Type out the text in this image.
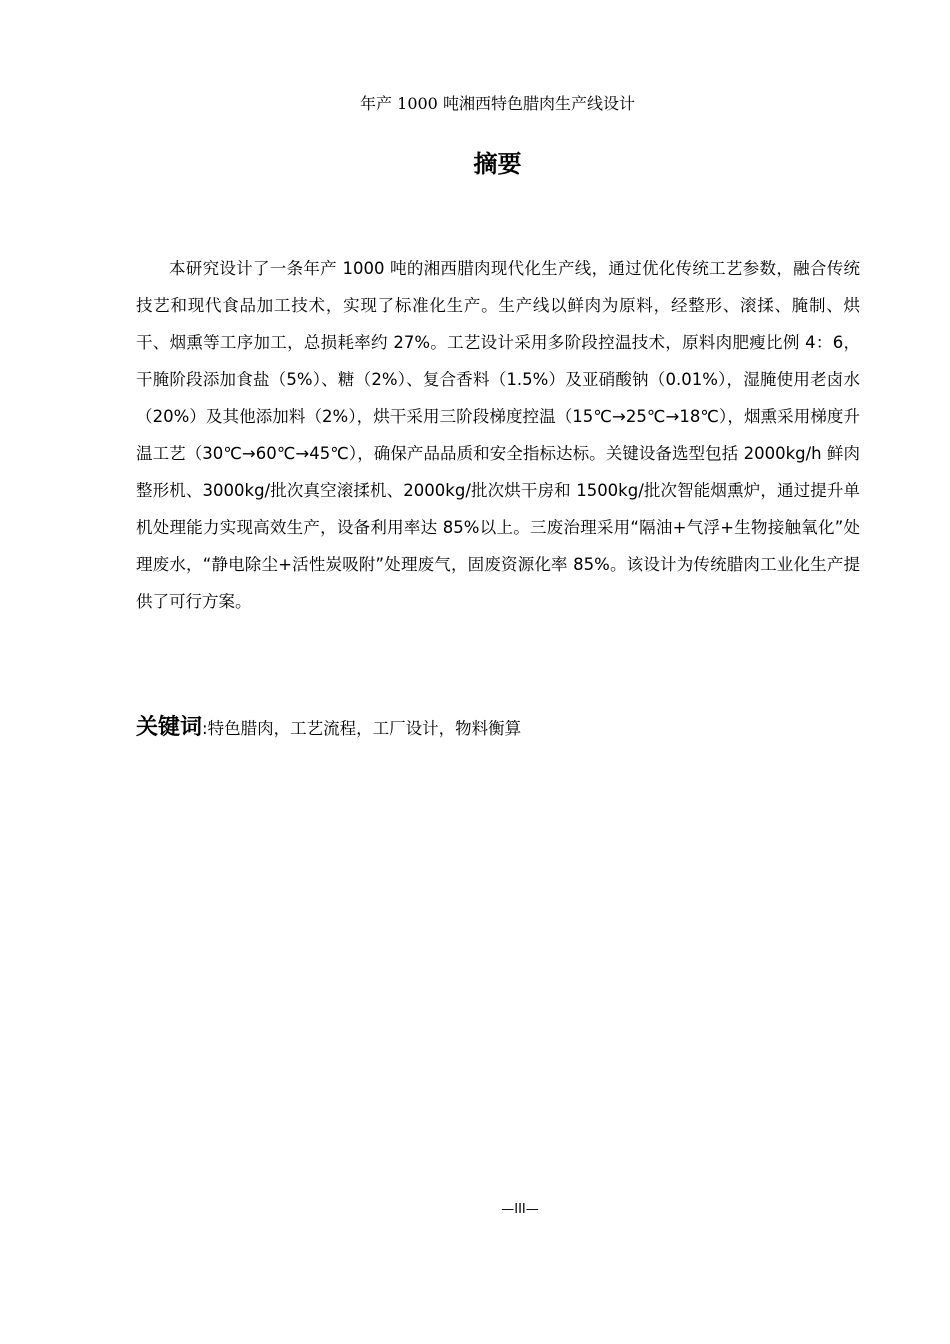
年产 1000 吨湘西特色腊肉生产线设计
摘要

本研究设计了一条年产 1000 吨的湘西腊肉现代化生产线，通过优化传统工艺参数，融合传统技艺和现代食品加工技术，实现了标准化生产。生产线以鲜肉为原料，经整形、滚揉、腌制、烘干、烟熏等工序加工，总损耗率约 27%。工艺设计采用多阶段控温技术，原料肉肥瘦比例 4：6，干腌阶段添加食盐（5%）、糖（2%）、复合香料（1.5%）及亚硝酸钠（0.01%），湿腌使用老卤水（20%）及其他添加料（2%），烘干采用三阶段梯度控温（15℃→25℃→18℃），烟熏采用梯度升温工艺（30℃→60℃→45℃），确保产品品质和安全指标达标。关键设备选型包括 2000kg/h 鲜肉整形机、3000kg/批次真空滚揉机、2000kg/批次烘干房和 1500kg/批次智能烟熏炉，通过提升单机处理能力实现高效生产，设备利用率达 85%以上。三废治理采用“隔油+气浮+生物接触氧化”处理废水，“静电除尘+活性炭吸附”处理废气，固废资源化率 85%。该设计为传统腊肉工业化生产提供了可行方案。

关键词:特色腊肉，工艺流程，工厂设计，物料衡算

—III—
